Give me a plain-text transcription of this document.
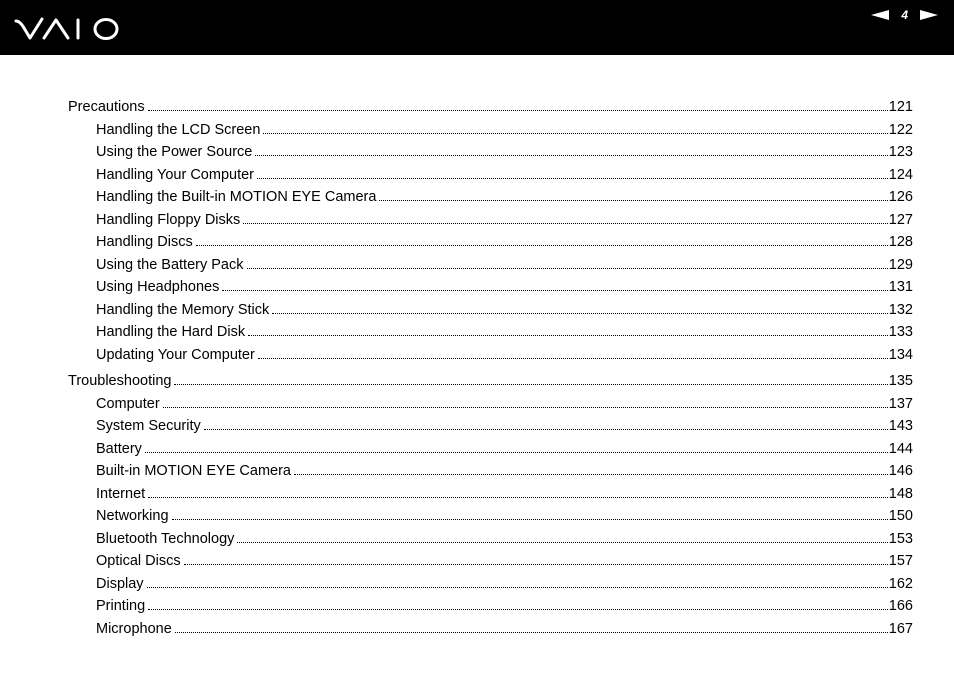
4
Precautions	121
Handling the LCD Screen	122
Using the Power Source	123
Handling Your Computer	124
Handling the Built-in MOTION EYE Camera	126
Handling Floppy Disks	127
Handling Discs	128
Using the Battery Pack	129
Using Headphones	131
Handling the Memory Stick	132
Handling the Hard Disk	133
Updating Your Computer	134
Troubleshooting	135
Computer	137
System Security	143
Battery	144
Built-in MOTION EYE Camera	146
Internet	148
Networking	150
Bluetooth Technology	153
Optical Discs	157
Display	162
Printing	166
Microphone	167
